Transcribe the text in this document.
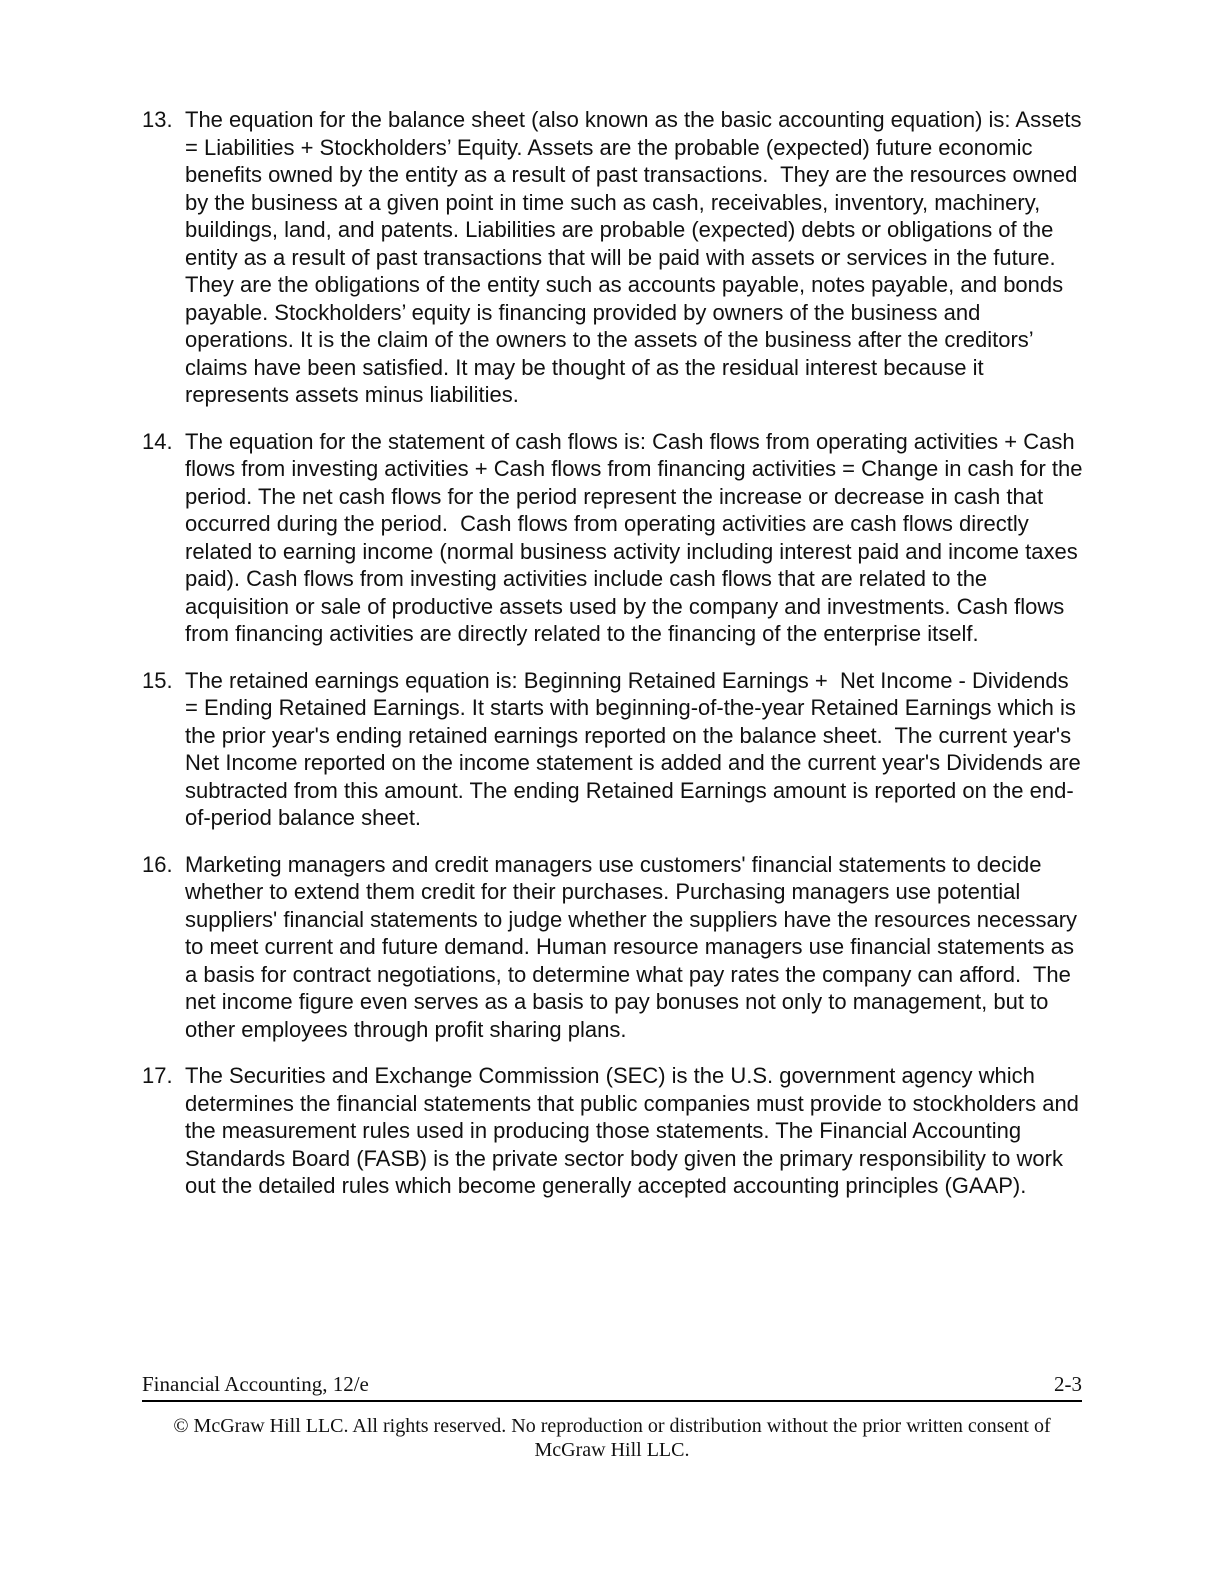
13. The equation for the balance sheet (also known as the basic accounting equation) is: Assets = Liabilities + Stockholders’ Equity. Assets are the probable (expected) future economic benefits owned by the entity as a result of past transactions.  They are the resources owned by the business at a given point in time such as cash, receivables, inventory, machinery, buildings, land, and patents. Liabilities are probable (expected) debts or obligations of the entity as a result of past transactions that will be paid with assets or services in the future. They are the obligations of the entity such as accounts payable, notes payable, and bonds payable. Stockholders’ equity is financing provided by owners of the business and operations. It is the claim of the owners to the assets of the business after the creditors’ claims have been satisfied. It may be thought of as the residual interest because it represents assets minus liabilities.
14. The equation for the statement of cash flows is: Cash flows from operating activities + Cash flows from investing activities + Cash flows from financing activities = Change in cash for the period. The net cash flows for the period represent the increase or decrease in cash that occurred during the period.  Cash flows from operating activities are cash flows directly related to earning income (normal business activity including interest paid and income taxes paid). Cash flows from investing activities include cash flows that are related to the acquisition or sale of productive assets used by the company and investments. Cash flows from financing activities are directly related to the financing of the enterprise itself.
15. The retained earnings equation is: Beginning Retained Earnings +  Net Income - Dividends = Ending Retained Earnings. It starts with beginning-of-the-year Retained Earnings which is the prior year's ending retained earnings reported on the balance sheet.  The current year's Net Income reported on the income statement is added and the current year's Dividends are subtracted from this amount. The ending Retained Earnings amount is reported on the end-of-period balance sheet.
16. Marketing managers and credit managers use customers' financial statements to decide whether to extend them credit for their purchases. Purchasing managers use potential suppliers' financial statements to judge whether the suppliers have the resources necessary to meet current and future demand. Human resource managers use financial statements as a basis for contract negotiations, to determine what pay rates the company can afford.  The net income figure even serves as a basis to pay bonuses not only to management, but to other employees through profit sharing plans.
17. The Securities and Exchange Commission (SEC) is the U.S. government agency which determines the financial statements that public companies must provide to stockholders and the measurement rules used in producing those statements. The Financial Accounting Standards Board (FASB) is the private sector body given the primary responsibility to work out the detailed rules which become generally accepted accounting principles (GAAP).
Financial Accounting, 12/e	2-3
© McGraw Hill LLC. All rights reserved. No reproduction or distribution without the prior written consent of
McGraw Hill LLC.
